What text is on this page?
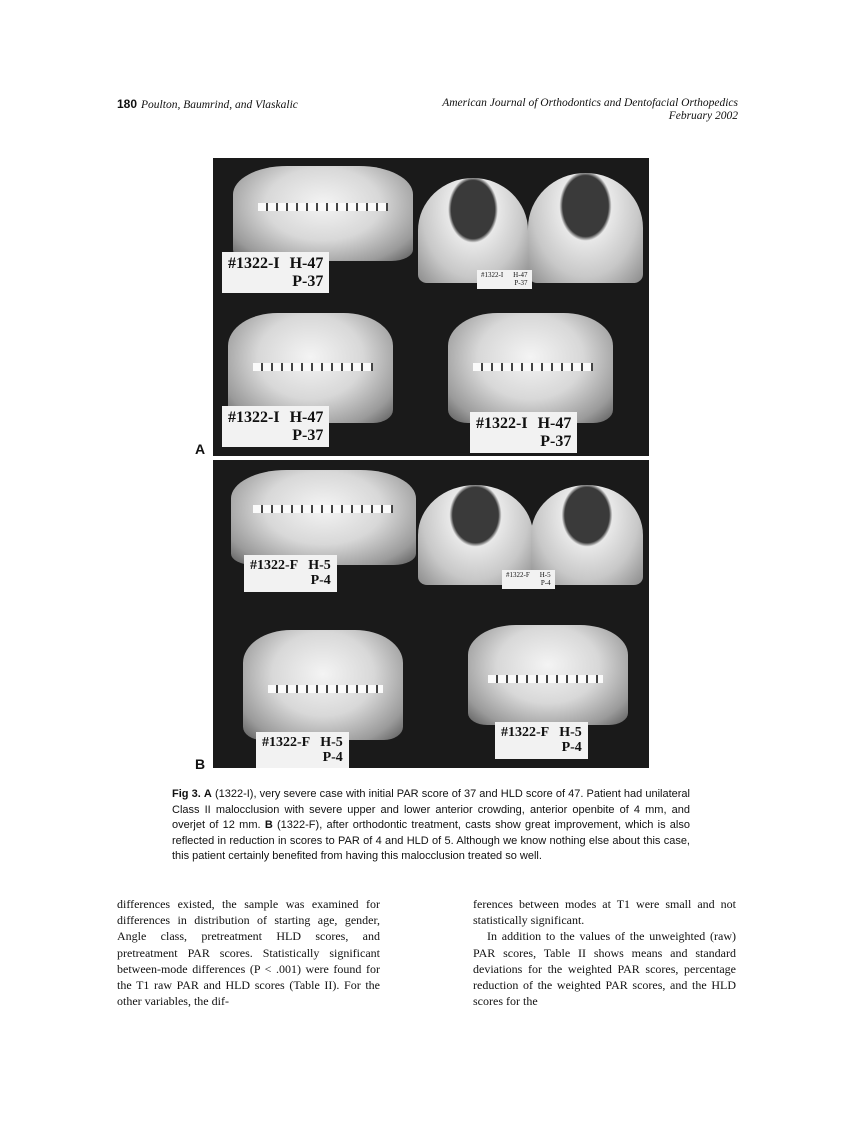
180 Poulton, Baumrind, and Vlaskalic	American Journal of Orthodontics and Dentofacial Orthopedics
February 2002
#1322-I H-47
P-37	#1322-I H-47
P-37
#1322-I H-47
P-37
#1322-I H-47
P-37
A
#1322-F H-5
P-4	#1322-F H-5
P-4
#1322-F H-5
P-4
#1322-F H-5
P-4
B
Fig 3. A (1322-I), very severe case with initial PAR score of 37 and HLD score of 47. Patient had unilateral Class II malocclusion with severe upper and lower anterior crowding, anterior openbite of 4 mm, and overjet of 12 mm. B (1322-F), after orthodontic treatment, casts show great improvement, which is also reflected in reduction in scores to PAR of 4 and HLD of 5. Although we know nothing else about this case, this patient certainly benefited from having this malocclusion treated so well.

differences existed, the sample was examined for differences in distribution of starting age, gender, Angle class, pretreatment HLD scores, and pretreatment PAR scores. Statistically significant between-mode differences (P < .001) were found for the T1 raw PAR and HLD scores (Table II). For the other variables, the dif-

ferences between modes at T1 were small and not statistically significant.

In addition to the values of the unweighted (raw) PAR scores, Table II shows means and standard deviations for the weighted PAR scores, percentage reduction of the weighted PAR scores, and the HLD scores for the
